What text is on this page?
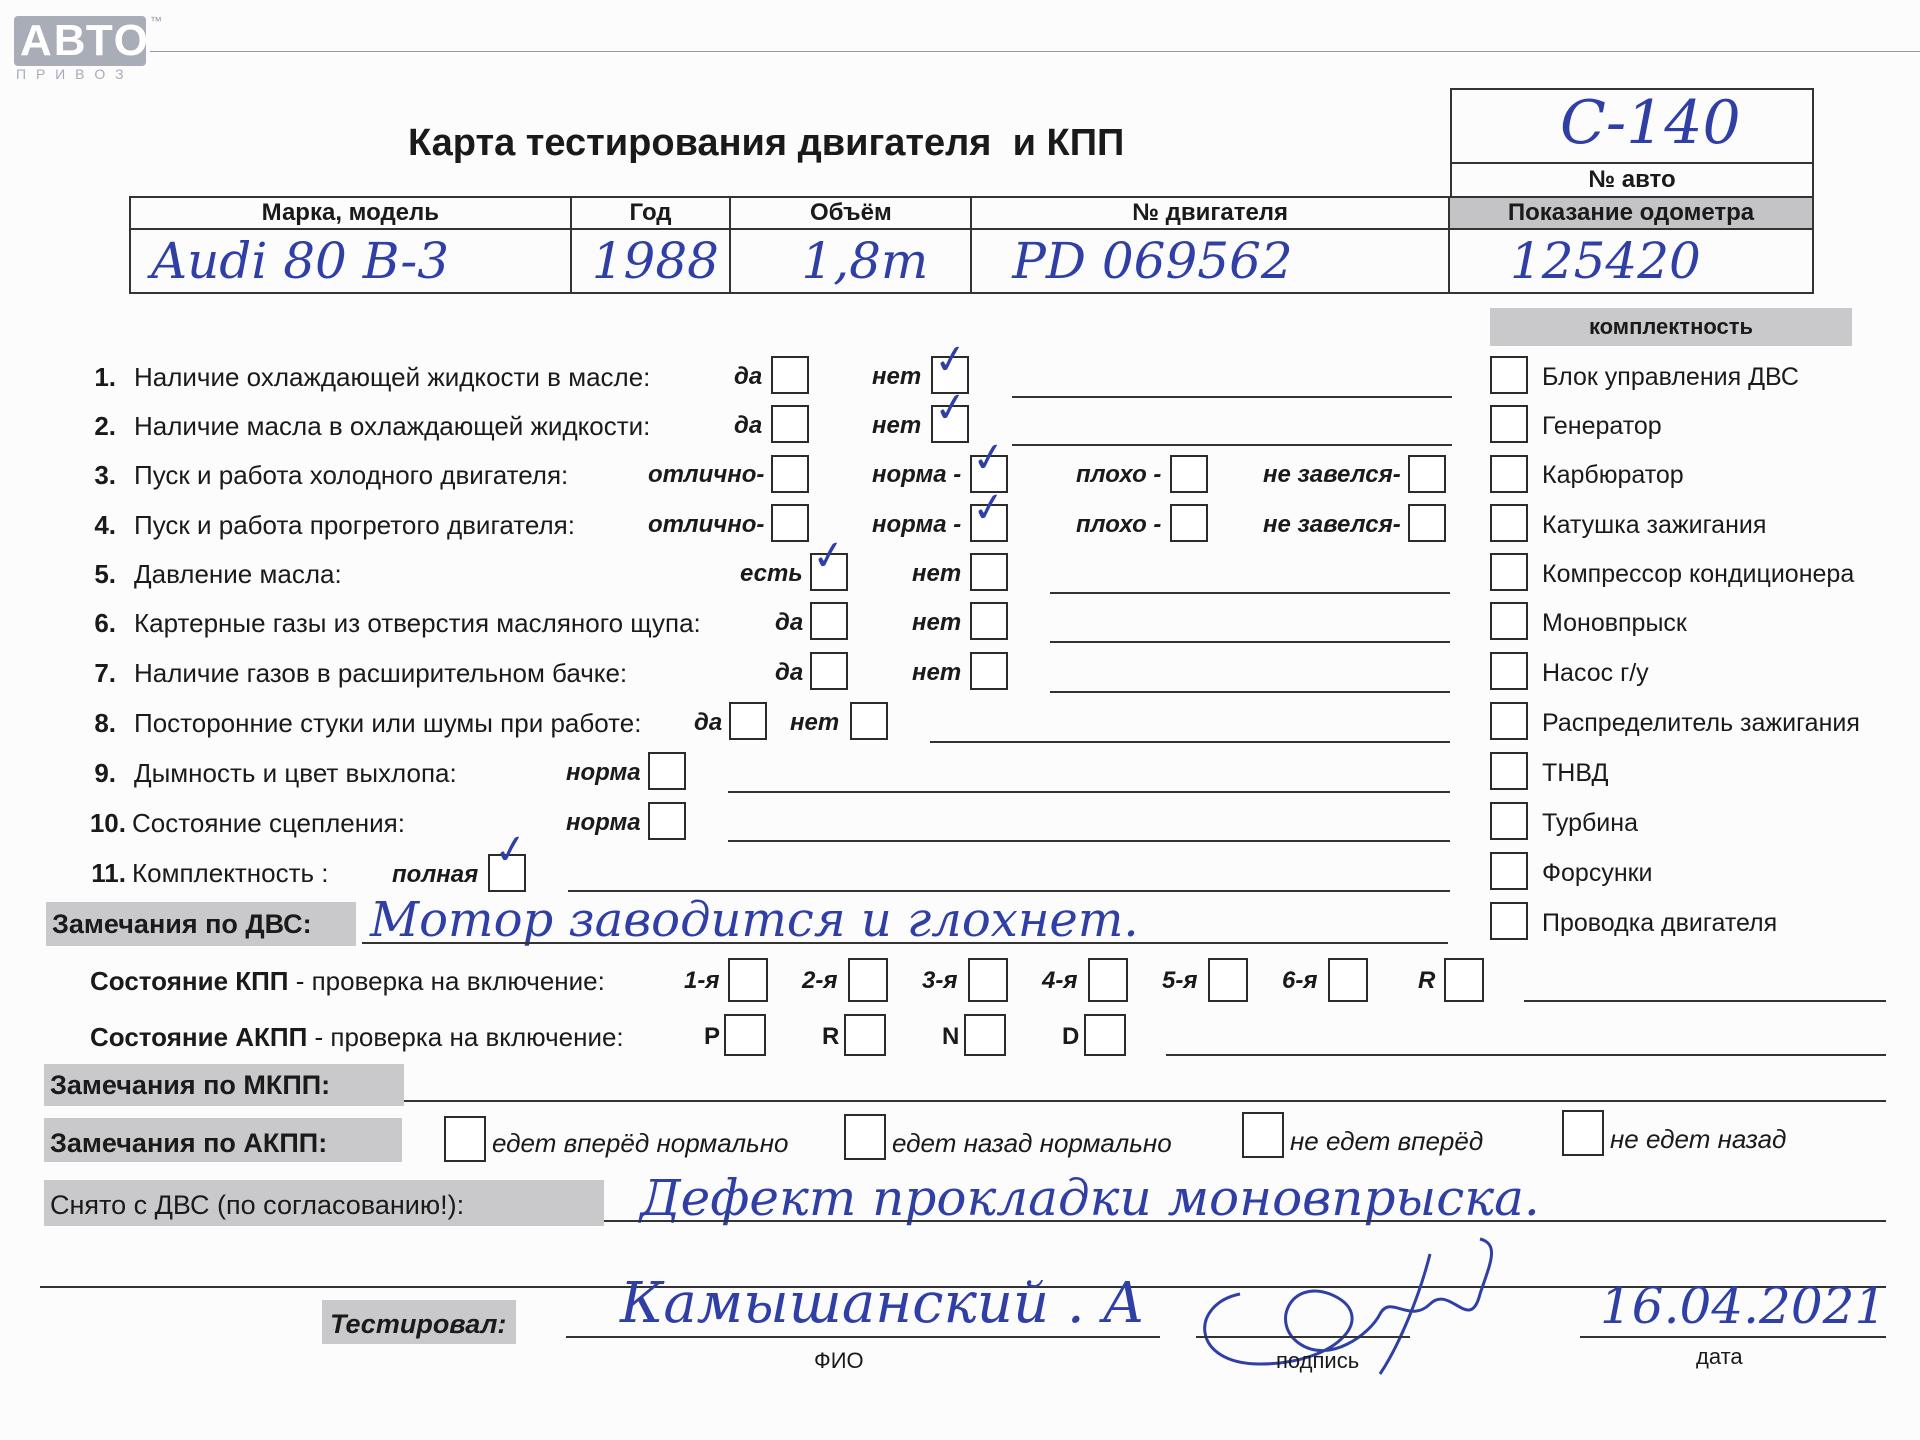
АВТО ™
П Р И В О З
Карта тестирования двигателя  и КПП	C-140
№ авто
Марка, модель	Год	Объём	№ двигателя	Показание одометра

Audi 80 B-3	1988	1,8m	PD 069562	125420
комплектность
1. Наличие охлаждающей жидкости в масле:	да	нет ✓
2. Наличие масла в охлаждающей жидкости:	да	нет ✓
3. Пуск и работа холодного двигателя:	отлично-	норма - ✓	плохо -	не завелся-
4. Пуск и работа прогретого двигателя:	отлично-	норма - ✓	плохо -	не завелся-
5. Давление масла:	есть ✓	нет
6. Картерные газы из отверстия масляного щупа:	да	нет
7. Наличие газов в расширительном бачке:	да	нет
8. Посторонние стуки или шумы при работе: да	нет
9. Дымность и цвет выхлопа:	норма
10. Состояние сцепления:	норма
11. Комплектность :	полная
✓
Блок управления ДВС
Генератор
Карбюратор
Катушка зажигания
Компрессор кондиционера
Моновпрыск
Насос г/у
Распределитель зажигания
ТНВД
Турбина
Форсунки
Проводка двигателя
Замечания по ДВС: Мотор заводится и глохнет.
Состояние КПП - проверка на включение:	1-я	2-я	3-я	4-я	5-я	6-я	R
Состояние АКПП - проверка на включение:	P	R	N	D
Замечания по МКПП:
Замечания по АКПП:	едет вперёд нормально	едет назад нормально	не едет вперёд	не едет назад
Снято с ДВС (по согласованию!):	Дефект прокладки моновпрыска.
Тестировал: Камышанский . А
ФИО	подпись
16.04.2021
дата
